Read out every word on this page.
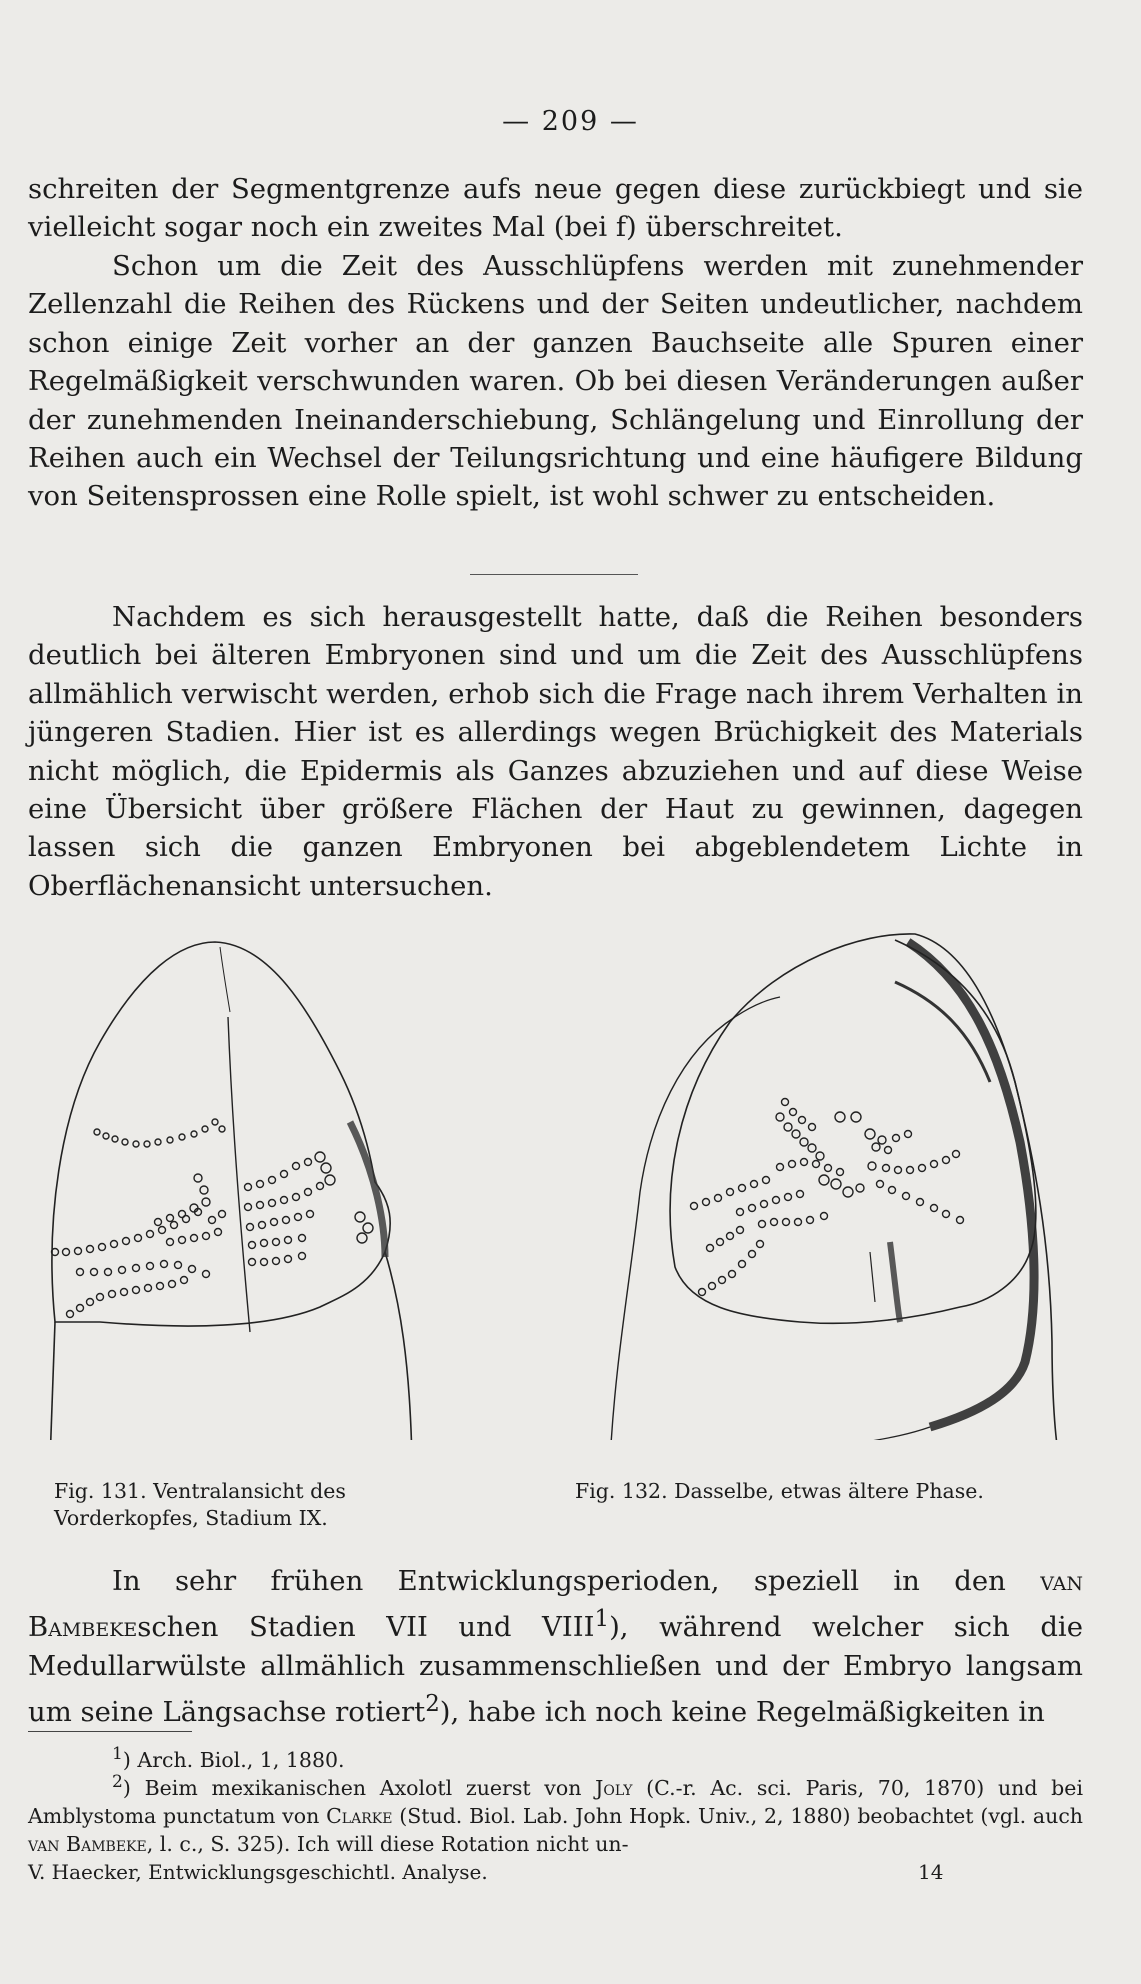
— 209 —

schreiten der Segmentgrenze aufs neue gegen diese zurückbiegt und sie vielleicht sogar noch ein zweites Mal (bei f) überschreitet.

Schon um die Zeit des Ausschlüpfens werden mit zunehmender Zellenzahl die Reihen des Rückens und der Seiten undeutlicher, nachdem schon einige Zeit vorher an der ganzen Bauchseite alle Spuren einer Regelmäßigkeit verschwunden waren. Ob bei diesen Veränderungen außer der zunehmenden Ineinanderschiebung, Schlängelung und Einrollung der Reihen auch ein Wechsel der Teilungsrichtung und eine häufigere Bildung von Seitensprossen eine Rolle spielt, ist wohl schwer zu entscheiden.

Nachdem es sich herausgestellt hatte, daß die Reihen besonders deutlich bei älteren Embryonen sind und um die Zeit des Ausschlüpfens allmählich verwischt werden, erhob sich die Frage nach ihrem Verhalten in jüngeren Stadien. Hier ist es allerdings wegen Brüchigkeit des Materials nicht möglich, die Epidermis als Ganzes abzuziehen und auf diese Weise eine Übersicht über größere Flächen der Haut zu gewinnen, dagegen lassen sich die ganzen Embryonen bei abgeblendetem Lichte in Oberflächenansicht untersuchen.

Fig. 131. Ventralansicht des
Vorderkopfes, Stadium IX.
Fig. 132. Dasselbe, etwas ältere Phase.

In sehr frühen Entwicklungsperioden, speziell in den van Bambekeschen Stadien VII und VIII$^1$), während welcher sich die Medullarwülste allmählich zusammenschließen und der Embryo langsam um seine Längsachse rotiert$^2$), habe ich noch keine Regelmäßigkeiten in

$^1$) Arch. Biol., 1, 1880.

$^2$) Beim mexikanischen Axolotl zuerst von Joly (C.-r. Ac. sci. Paris, 70, 1870) und bei Amblystoma punctatum von Clarke (Stud. Biol. Lab. John Hopk. Univ., 2, 1880) beobachtet (vgl. auch van Bambeke, l. c., S. 325). Ich will diese Rotation nicht un-

V. Haecker, Entwicklungsgeschichtl. Analyse.	14
